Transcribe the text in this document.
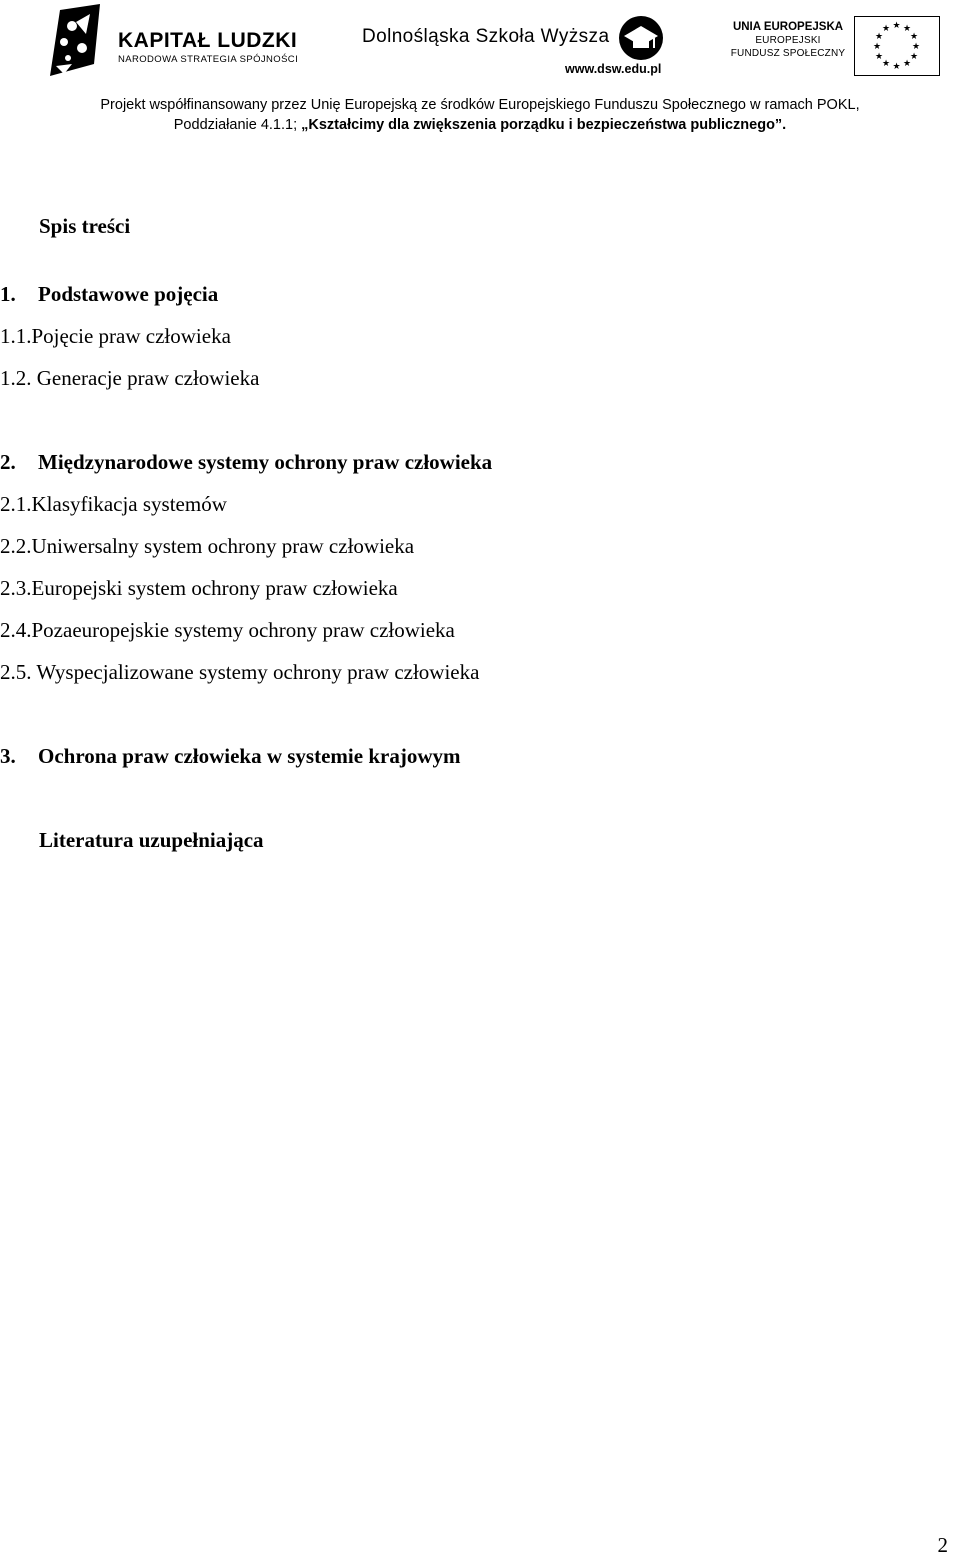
KAPITAŁ LUDZKI
NARODOWA STRATEGIA SPÓJNOŚCI
Dolnośląska Szkoła Wyższa
www.dsw.edu.pl
UNIA EUROPEJSKA
EUROPEJSKI
FUNDUSZ SPOŁECZNY
★ ★
★
★
★
★
★
★
★
★
★
★
Projekt współfinansowany przez Unię Europejską ze środków Europejskiego Funduszu Społecznego w ramach POKL,
Poddziałanie 4.1.1; „Kształcimy dla zwiększenia porządku i bezpieczeństwa publicznego”.
Spis treści
1. Podstawowe pojęcia
1.1.Pojęcie praw człowieka
1.2. Generacje praw człowieka
2. Międzynarodowe systemy ochrony praw człowieka
2.1.Klasyfikacja systemów
2.2.Uniwersalny system ochrony praw człowieka
2.3.Europejski system ochrony praw człowieka
2.4.Pozaeuropejskie systemy ochrony praw człowieka
2.5. Wyspecjalizowane systemy ochrony praw człowieka
3. Ochrona praw człowieka w systemie krajowym
Literatura uzupełniająca
2
